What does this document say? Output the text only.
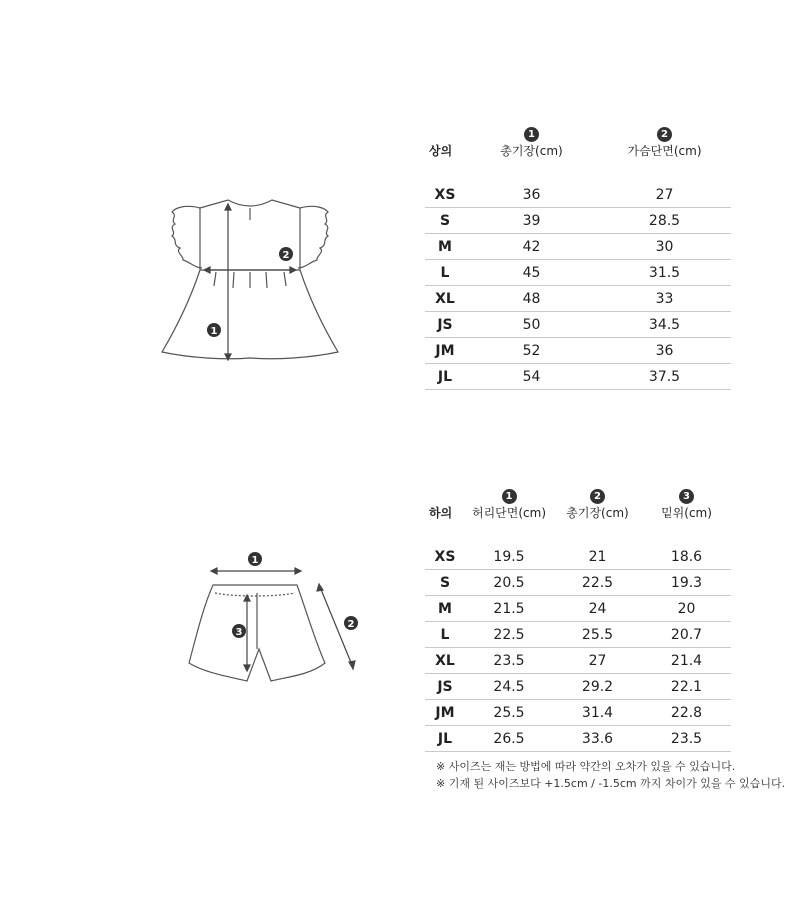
1
2
1
2
3
	1	2
상의	총기장(cm)	가슴단면(cm)

XS	36	27
S	39	28.5
M	42	30
L	45	31.5
XL	48	33
JS	50	34.5
JM	52	36
JL	54	37.5
	1	2	3
하의	허리단면(cm)	총기장(cm)	밑위(cm)

XS	19.5	21	18.6
S	20.5	22.5	19.3
M	21.5	24	20
L	22.5	25.5	20.7
XL	23.5	27	21.4
JS	24.5	29.2	22.1
JM	25.5	31.4	22.8
JL	26.5	33.6	23.5
※ 사이즈는 재는 방법에 따라 약간의 오차가 있을 수 있습니다.
※ 기재 된 사이즈보다 +1.5cm / -1.5cm 까지 차이가 있을 수 있습니다.
